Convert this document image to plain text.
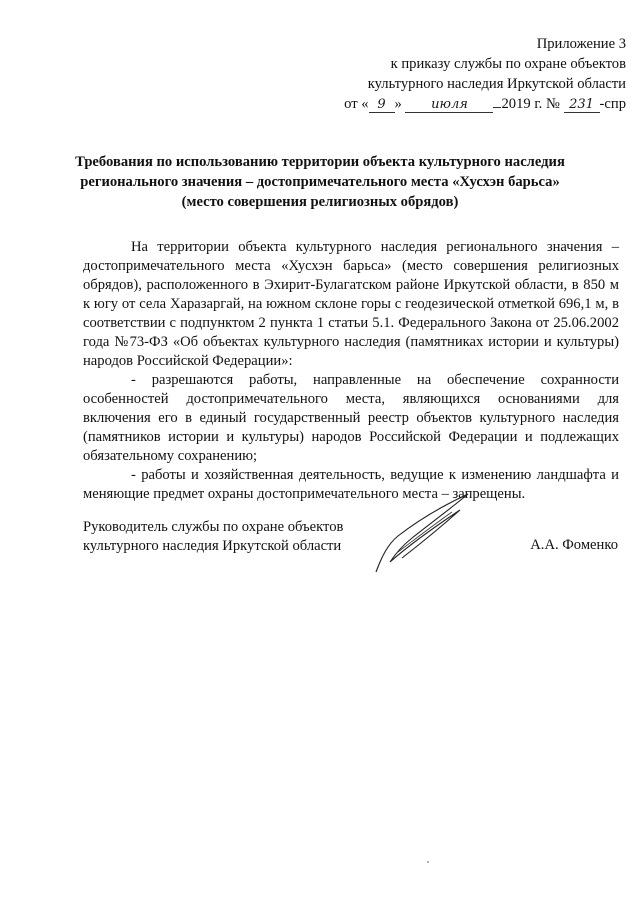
Приложение 3
к приказу службы по охране объектов
культурного наследия Иркутской области
от « 9 » июля 2019 г. № 231 -спр
Требования по использованию территории объекта культурного наследия
регионального значения – достопримечательного места «Хусхэн барьса»
(место совершения религиозных обрядов)

На территории объекта культурного наследия регионального значения – достопримечательного места «Хусхэн барьса» (место совершения религиозных обрядов), расположенного в Эхирит-Булагатском районе Иркутской области, в 850 м к югу от села Харазаргай, на южном склоне горы с геодезической отметкой 696,1 м, в соответствии с подпунктом 2 пункта 1 статьи 5.1. Федерального Закона от 25.06.2002 года №73-ФЗ «Об объектах культурного наследия (памятниках истории и культуры) народов Российской Федерации»:

- разрешаются работы, направленные на обеспечение сохранности особенностей достопримечательного места, являющихся основаниями для включения его в единый государственный реестр объектов культурного наследия (памятников истории и культуры) народов Российской Федерации и подлежащих обязательному сохранению;

- работы и хозяйственная деятельность, ведущие к изменению ландшафта и меняющие предмет охраны достопримечательного места – запрещены.

Руководитель службы по охране объектов
культурного наследия Иркутской области	А.А. Фоменко
